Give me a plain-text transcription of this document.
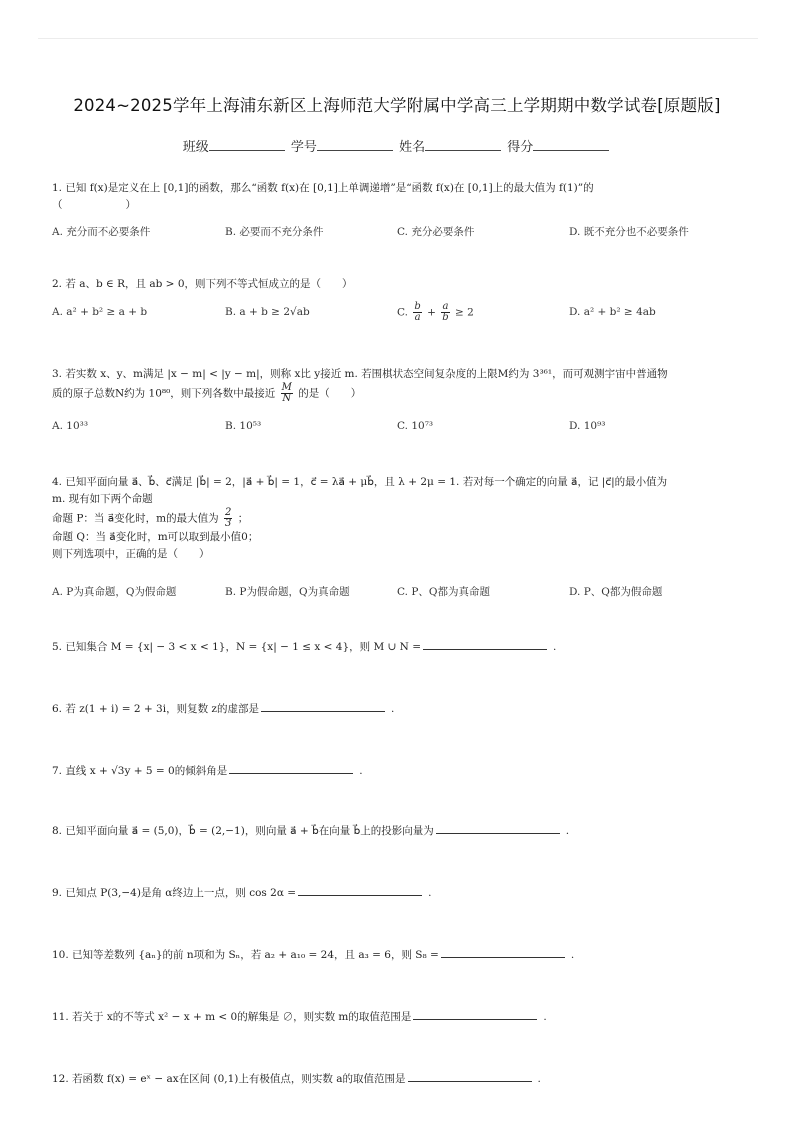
2024~2025学年上海浦东新区上海师范大学附属中学高三上学期期中数学试卷[原题版]
班级	学号	姓名	得分
1. 已知 f(x)是定义在上 [0,1]的函数，那么“函数 f(x)在 [0,1]上单调递增”是“函数 f(x)在 [0,1]上的最大值为 f(1)”的
（　　　　　　）
A. 充分而不必要条件	B. 必要而不充分条件	C. 充分必要条件	D. 既不充分也不必要条件
2. 若 a、b ∈ R，且 ab > 0，则下列不等式恒成立的是（　　）
A. a² + b² ≥ a + b	B. a + b ≥ 2√ab	C. $\frac{b}{a} + \frac{a}{b} \ge 2$	D. a² + b² ≥ 4ab
3. 若实数 x、y、m满足 |x − m| < |y − m|，则称 x比 y接近 m. 若围棋状态空间复杂度的上限M约为 3³⁶¹，而可观测宇宙中普通物
质的原子总数N约为 10⁸⁰，则下列各数中最接近 $\frac{M}{N}$ 的是（　　）
A. 10³³	B. 10⁵³	C. 10⁷³	D. 10⁹³
4. 已知平面向量 a⃗、b⃗、c⃗满足 |b⃗| = 2，|a⃗ + b⃗| = 1，c⃗ = λa⃗ + μb⃗，且 λ + 2μ = 1. 若对每一个确定的向量 a⃗，记 |c⃗|的最小值为
m. 现有如下两个命题
命题 P：当 a⃗变化时，m的最大值为 $\frac{2}{3}$ ；
命题 Q：当 a⃗变化时，m可以取到最小值0；
则下列选项中，正确的是（　　）
A. P为真命题，Q为假命题	B. P为假命题，Q为真命题	C. P、Q都为真命题	D. P、Q都为假命题
5. 已知集合 M = {x| − 3 < x < 1}，N = {x| − 1 ≤ x < 4}，则 M ∪ N =	.
6. 若 z(1 + i) = 2 + 3i，则复数 z的虚部是	.
7. 直线 x + √3y + 5 = 0的倾斜角是	.
8. 已知平面向量 a⃗ = (5,0)，b⃗ = (2,−1)，则向量 a⃗ + b⃗在向量 b⃗上的投影向量为	.
9. 已知点 P(3,−4)是角 α终边上一点，则 cos 2α =	.
10. 已知等差数列 {aₙ}的前 n项和为 Sₙ，若 a₂ + a₁₀ = 24，且 a₃ = 6，则 S₈ =	.
11. 若关于 x的不等式 x² − x + m < 0的解集是 ∅，则实数 m的取值范围是	.
12. 若函数 f(x) = eˣ − ax在区间 (0,1)上有极值点，则实数 a的取值范围是	.
